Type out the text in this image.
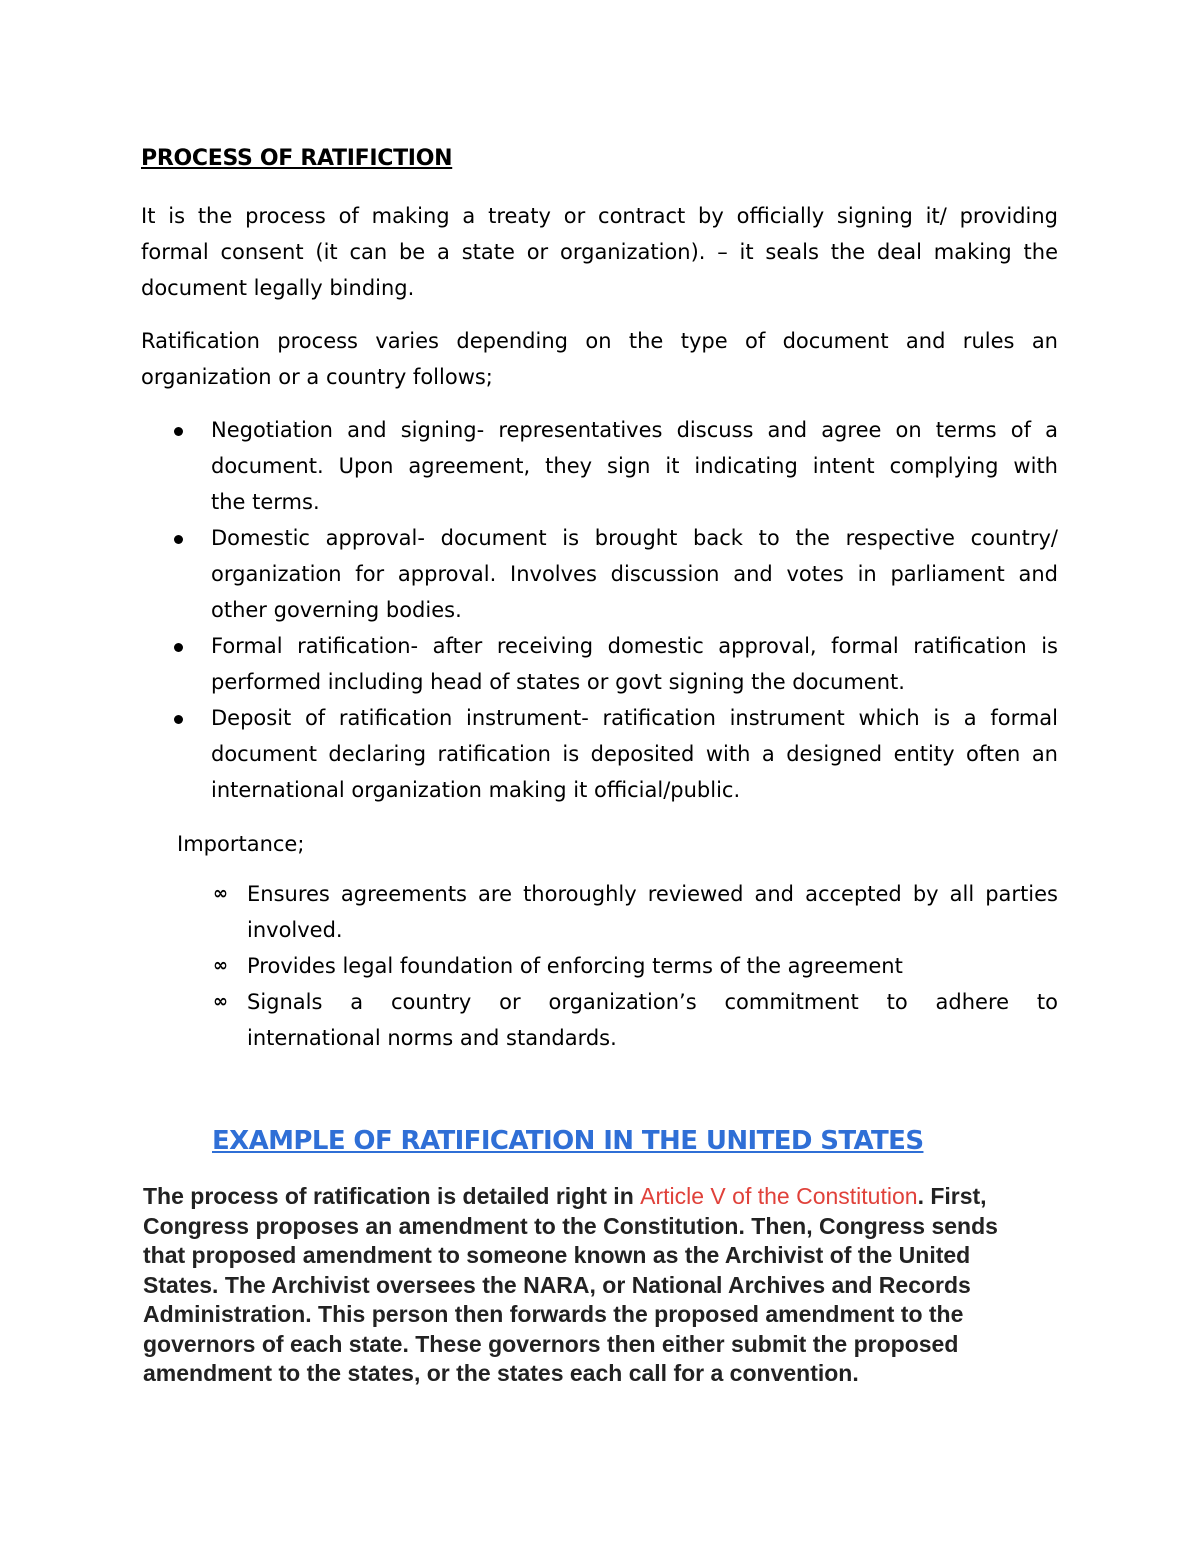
PROCESS OF RATIFICTION
It is the process of making a treaty or contract by officially signing it/ providing
formal consent (it can be a state or organization). – it seals the deal making the
document legally binding.
Ratification process varies depending on the type of document and rules an
organization or a country follows;
Negotiation and signing- representatives discuss and agree on terms of a
document. Upon agreement, they sign it indicating intent complying with
the terms.
Domestic approval- document is brought back to the respective country/
organization for approval. Involves discussion and votes in parliament and
other governing bodies.
Formal ratification- after receiving domestic approval, formal ratification is
performed including head of states or govt signing the document.
Deposit of ratification instrument- ratification instrument which is a formal
document declaring ratification is deposited with a designed entity often an
international organization making it official/public.
Importance;
∞ Ensures agreements are thoroughly reviewed and accepted by all parties
involved.
∞ Provides legal foundation of enforcing terms of the agreement
∞ Signals a country or organization’s commitment to adhere to
international norms and standards.
EXAMPLE OF RATIFICATION IN THE UNITED STATES
The process of ratification is detailed right in Article V of the Constitution. First,
Congress proposes an amendment to the Constitution. Then, Congress sends
that proposed amendment to someone known as the Archivist of the United
States. The Archivist oversees the NARA, or National Archives and Records
Administration. This person then forwards the proposed amendment to the
governors of each state. These governors then either submit the proposed
amendment to the states, or the states each call for a convention.
